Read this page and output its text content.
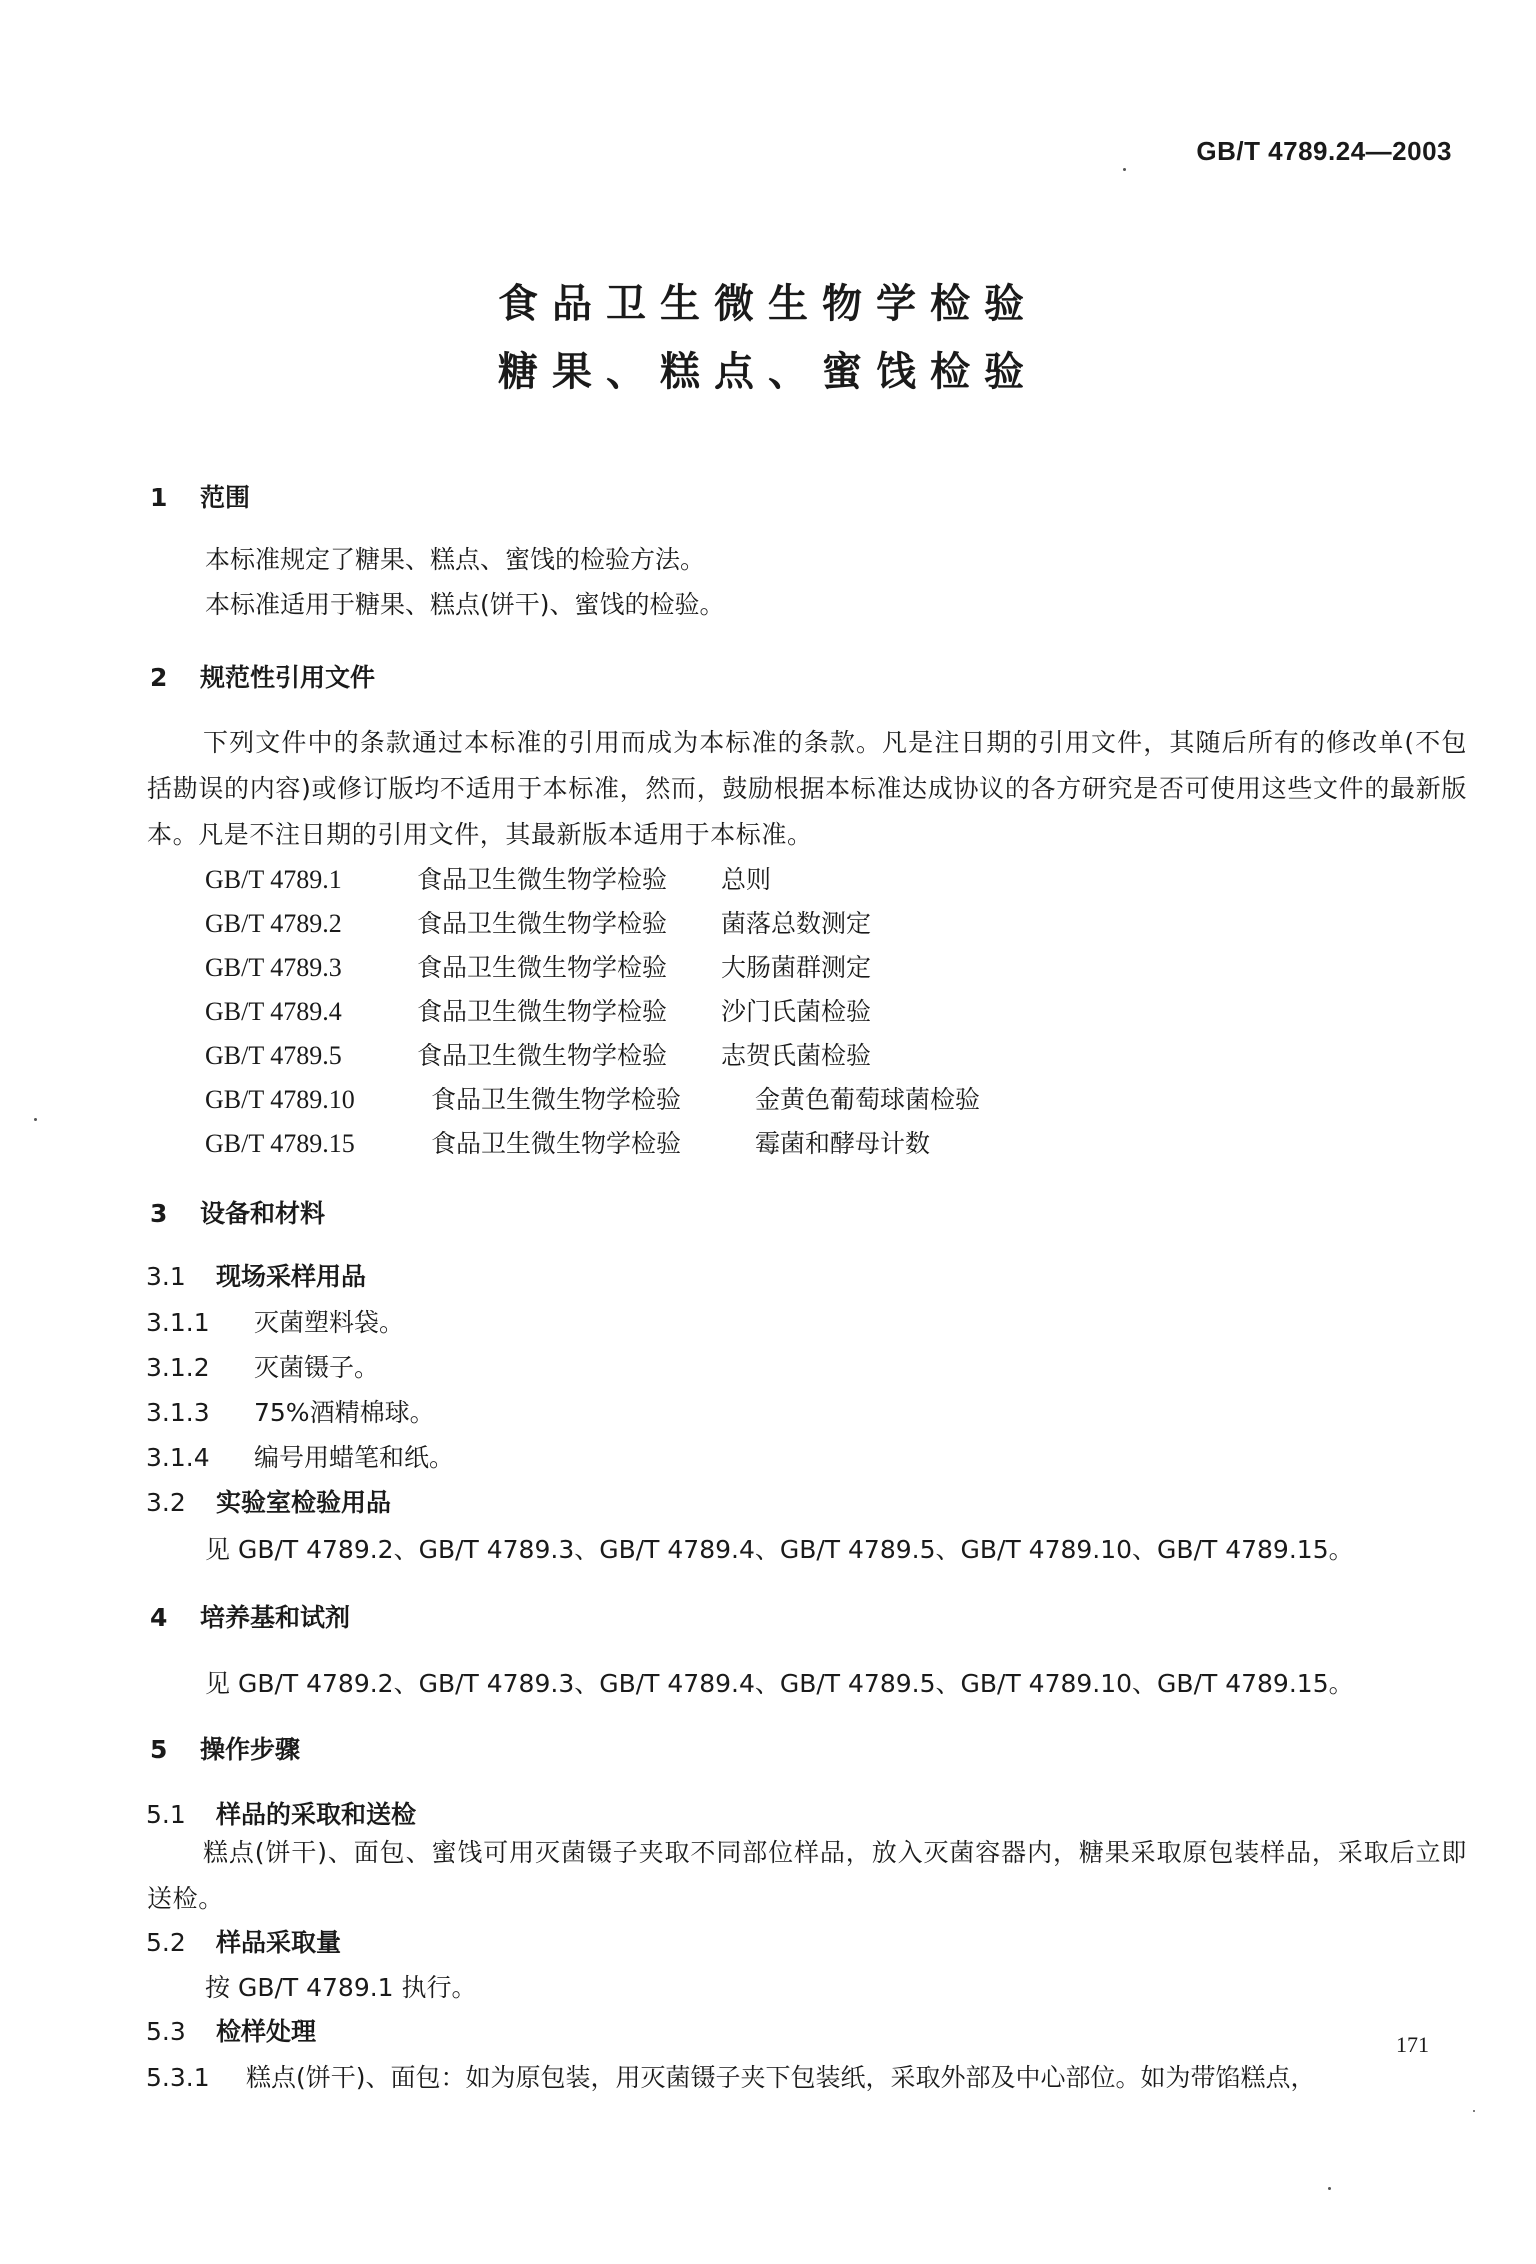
GB/T 4789.24—2003
食品卫生微生物学检验
糖果、糕点、蜜饯检验
1 范围
本标准规定了糖果、糕点、蜜饯的检验方法。
本标准适用于糖果、糕点(饼干)、蜜饯的检验。
2 规范性引用文件
下列文件中的条款通过本标准的引用而成为本标准的条款。凡是注日期的引用文件，其随后所有的修改单(不包括勘误的内容)或修订版均不适用于本标准，然而，鼓励根据本标准达成协议的各方研究是否可使用这些文件的最新版本。凡是不注日期的引用文件，其最新版本适用于本标准。
GB/T 4789.1	食品卫生微生物学检验 总则
GB/T 4789.2	食品卫生微生物学检验 菌落总数测定
GB/T 4789.3	食品卫生微生物学检验 大肠菌群测定
GB/T 4789.4	食品卫生微生物学检验 沙门氏菌检验
GB/T 4789.5	食品卫生微生物学检验 志贺氏菌检验
GB/T 4789.10	食品卫生微生物学检验	金黄色葡萄球菌检验
GB/T 4789.15	食品卫生微生物学检验	霉菌和酵母计数
3 设备和材料
3.1 现场采样用品
3.1.1 灭菌塑料袋。
3.1.2 灭菌镊子。
3.1.3 75%酒精棉球。
3.1.4 编号用蜡笔和纸。
3.2 实验室检验用品
见 GB/T 4789.2、GB/T 4789.3、GB/T 4789.4、GB/T 4789.5、GB/T 4789.10、GB/T 4789.15。
4 培养基和试剂
见 GB/T 4789.2、GB/T 4789.3、GB/T 4789.4、GB/T 4789.5、GB/T 4789.10、GB/T 4789.15。
5 操作步骤
5.1 样品的采取和送检
糕点(饼干)、面包、蜜饯可用灭菌镊子夹取不同部位样品，放入灭菌容器内，糖果采取原包装样品，采取后立即送检。
5.2 样品采取量
按 GB/T 4789.1 执行。
5.3 检样处理
5.3.1 糕点(饼干)、面包：如为原包装，用灭菌镊子夹下包装纸，采取外部及中心部位。如为带馅糕点，
171
